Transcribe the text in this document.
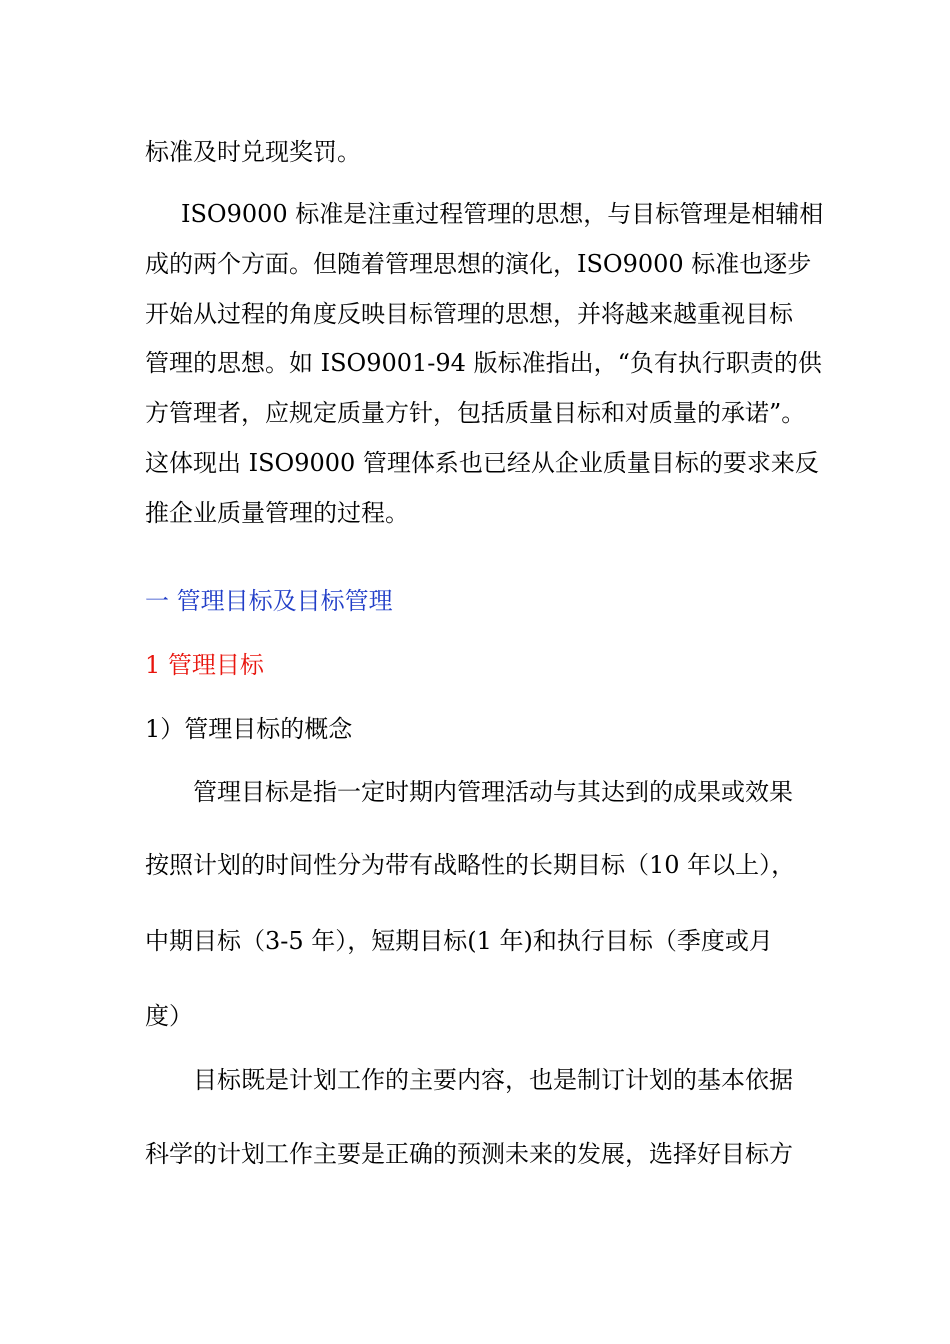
标准及时兑现奖罚。
ISO9000 标准是注重过程管理的思想，与目标管理是相辅相
成的两个方面。但随着管理思想的演化，ISO9000 标准也逐步
开始从过程的角度反映目标管理的思想，并将越来越重视目标
管理的思想。如 ISO9001-94 版标准指出，“负有执行职责的供
方管理者，应规定质量方针，包括质量目标和对质量的承诺”。
这体现出 ISO9000 管理体系也已经从企业质量目标的要求来反
推企业质量管理的过程。
一 管理目标及目标管理
1 管理目标
1）管理目标的概念
管理目标是指一定时期内管理活动与其达到的成果或效果
按照计划的时间性分为带有战略性的长期目标（10 年以上），
中期目标（3-5 年），短期目标(1 年)和执行目标（季度或月
度）
目标既是计划工作的主要内容，也是制订计划的基本依据
科学的计划工作主要是正确的预测未来的发展，选择好目标方
